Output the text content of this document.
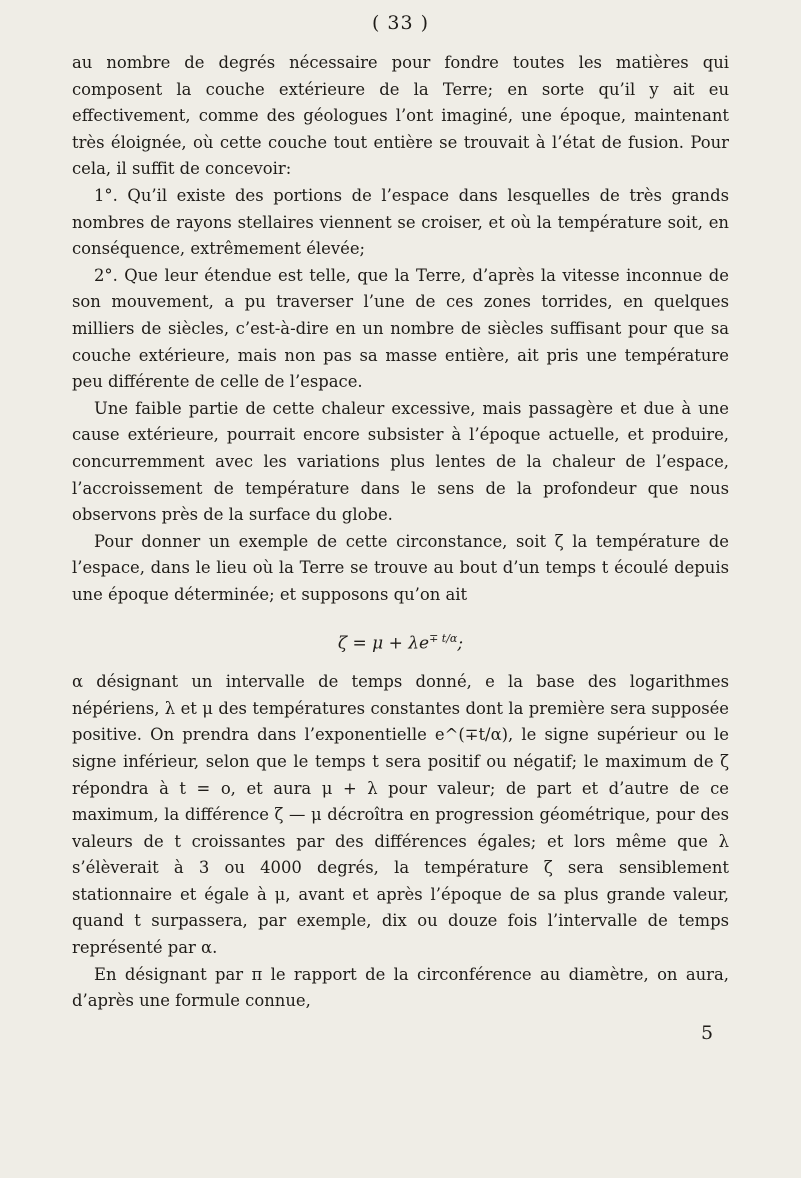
( 33 )

au nombre de degrés nécessaire pour fondre toutes les matières qui composent la couche extérieure de la Terre; en sorte qu’il y ait eu effectivement, comme des géologues l’ont imaginé, une époque, maintenant très éloignée, où cette couche tout entière se trouvait à l’état de fusion. Pour cela, il suffit de concevoir:

1°. Qu’il existe des portions de l’espace dans lesquelles de très grands nombres de rayons stellaires viennent se croiser, et où la température soit, en conséquence, extrêmement élevée;

2°. Que leur étendue est telle, que la Terre, d’après la vitesse inconnue de son mouvement, a pu traverser l’une de ces zones torrides, en quelques milliers de siècles, c’est-à-dire en un nombre de siècles suffisant pour que sa couche extérieure, mais non pas sa masse entière, ait pris une température peu différente de celle de l’espace.

Une faible partie de cette chaleur excessive, mais passagère et due à une cause extérieure, pourrait encore subsister à l’époque actuelle, et produire, concurremment avec les variations plus lentes de la chaleur de l’espace, l’accroissement de température dans le sens de la profondeur que nous observons près de la surface du globe.

Pour donner un exemple de cette circonstance, soit ζ la température de l’espace, dans le lieu où la Terre se trouve au bout d’un temps t écoulé depuis une époque déterminée; et supposons qu’on ait

$\zeta = \mu + \lambda e^{\mp t/\alpha}$;

α désignant un intervalle de temps donné, e la base des logarithmes népériens, λ et μ des températures constantes dont la première sera supposée positive. On prendra dans l’exponentielle e^(∓t/α), le signe supérieur ou le signe inférieur, selon que le temps t sera positif ou négatif; le maximum de ζ répondra à t = o, et aura μ + λ pour valeur; de part et d’autre de ce maximum, la différence ζ — μ décroîtra en progression géométrique, pour des valeurs de t croissantes par des différences égales; et lors même que λ s’élèverait à 3 ou 4000 degrés, la température ζ sera sensiblement stationnaire et égale à μ, avant et après l’époque de sa plus grande valeur, quand t surpassera, par exemple, dix ou douze fois l’intervalle de temps représenté par α.

En désignant par π le rapport de la circonférence au diamètre, on aura, d’après une formule connue,

5
